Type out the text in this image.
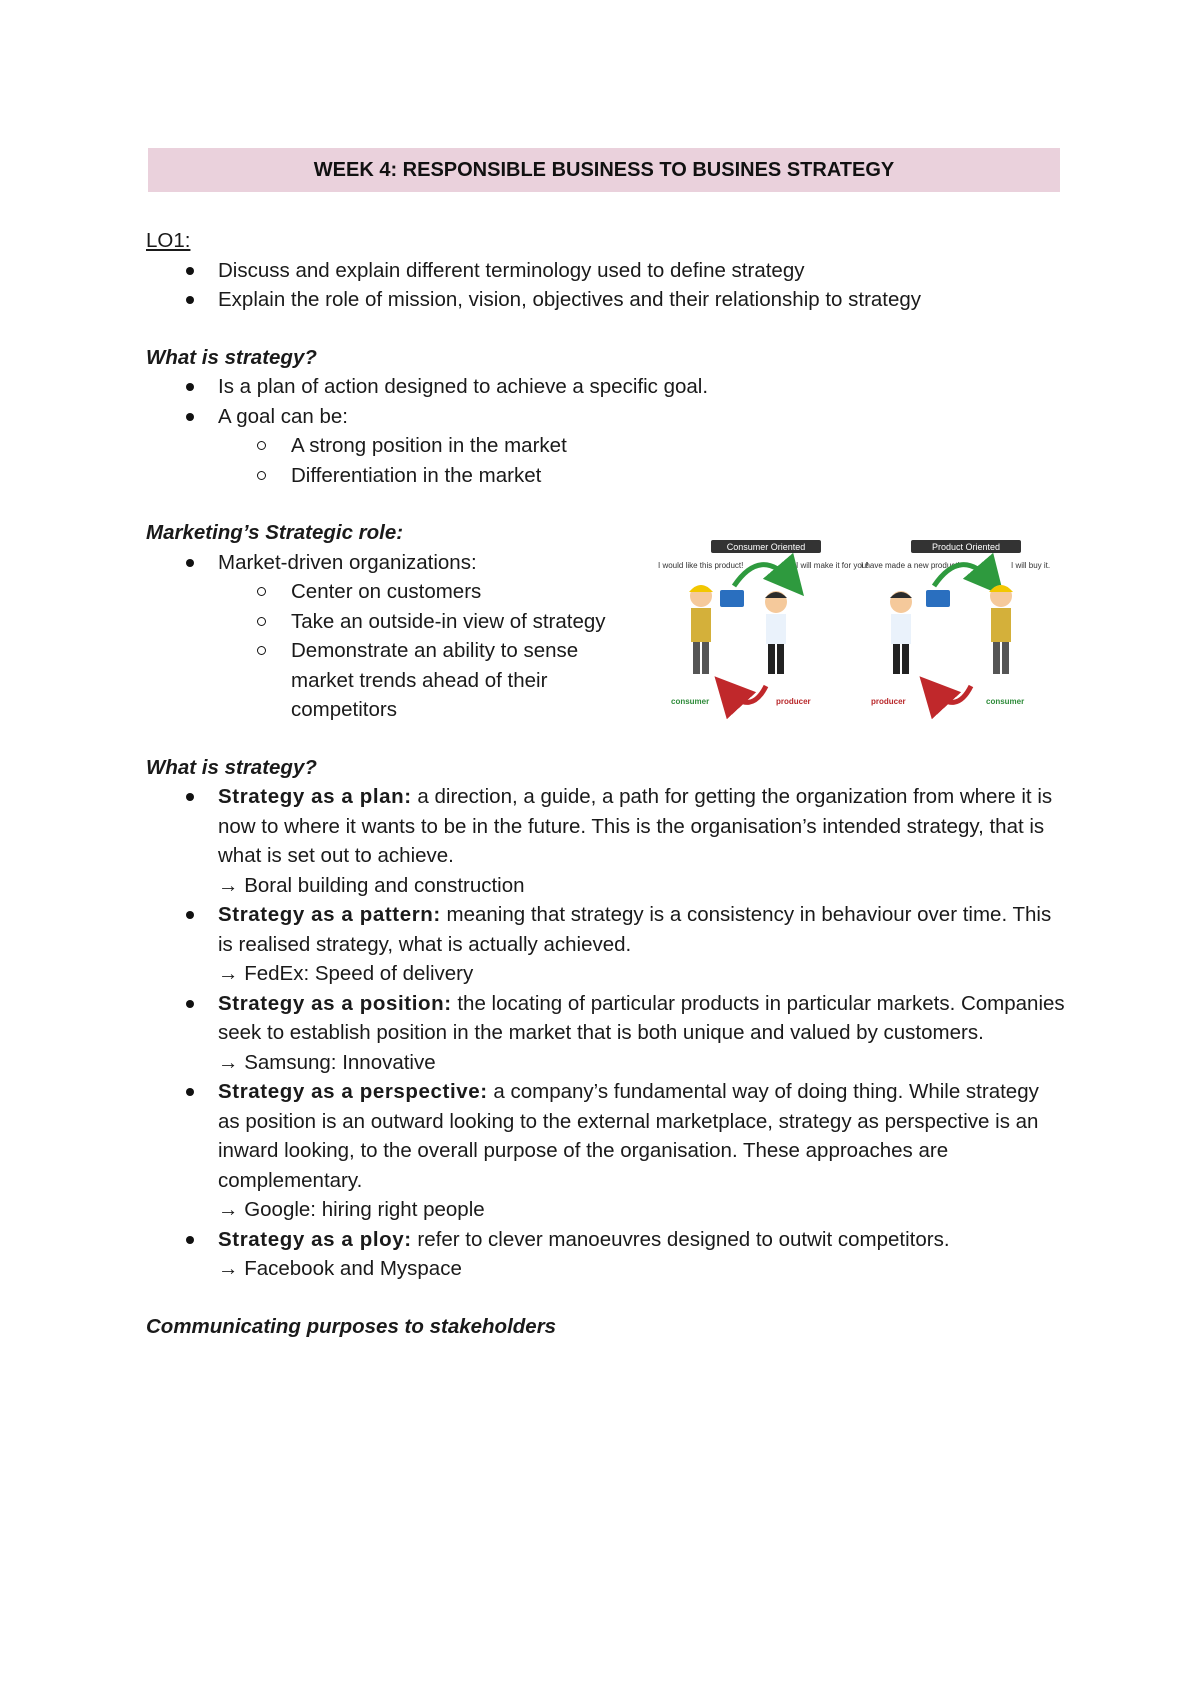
WEEK 4: RESPONSIBLE BUSINESS TO BUSINES STRATEGY
LO1:
Discuss and explain different terminology used to define strategy
Explain the role of mission, vision, objectives and their relationship to strategy
What is strategy?
Is a plan of action designed to achieve a specific goal.
A goal can be:
A strong position in the market
Differentiation in the market
Marketing’s Strategic role:
Market-driven organizations:
Center on customers
Take an outside-in view of strategy
Demonstrate an ability to sense market trends ahead of their competitors
Consumer Oriented
I would like this product!	I will make it for you!
consumer	producer
Product Oriented
I have made a new product!	I will buy it.
producer	consumer
What is strategy?
Strategy as a plan: a direction, a guide, a path for getting the organization from where it is now to where it wants to be in the future. This is the organisation’s intended strategy, that is what is set out to achieve.
→ Boral building and construction
Strategy as a pattern: meaning that strategy is a consistency in behaviour over time. This is realised strategy, what is actually achieved.
→ FedEx: Speed of delivery
Strategy as a position: the locating of particular products in particular markets. Companies seek to establish position in the market that is both unique and valued by customers.
→ Samsung: Innovative
Strategy as a perspective: a company’s fundamental way of doing thing. While strategy as position is an outward looking to the external marketplace, strategy as perspective is an inward looking, to the overall purpose of the organisation. These approaches are complementary.
→ Google: hiring right people
Strategy as a ploy: refer to clever manoeuvres designed to outwit competitors.
→ Facebook and Myspace
Communicating purposes to stakeholders
